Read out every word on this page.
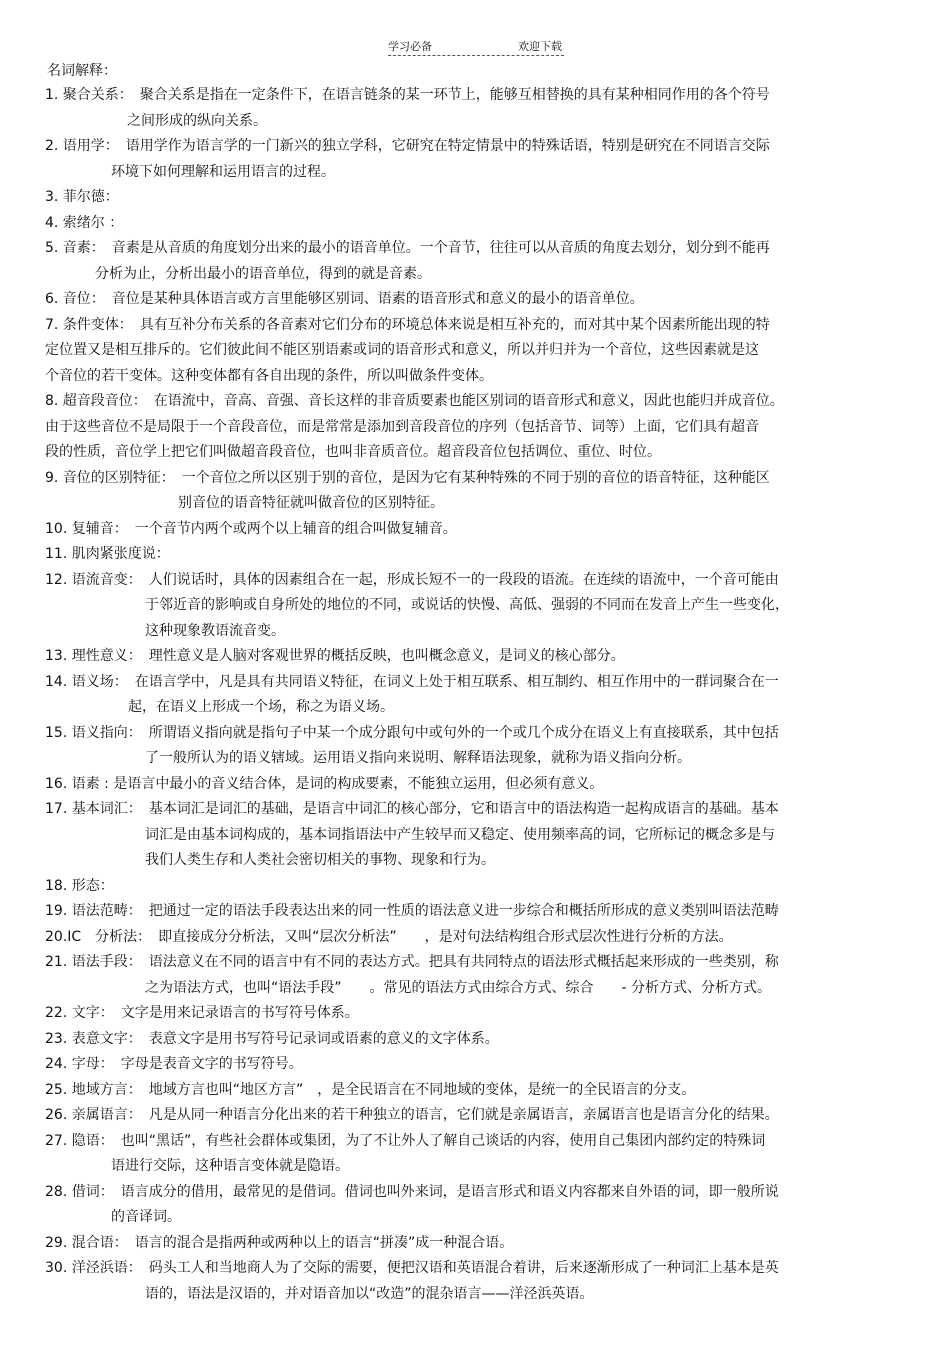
学习必备	欢迎下载
名词解释：
1. 聚合关系：　聚合关系是指在一定条件下，在语言链条的某一环节上，能够互相替换的具有某种相同作用的各个符号
之间形成的纵向关系。
2. 语用学：　语用学作为语言学的一门新兴的独立学科，它研究在特定情景中的特殊话语，特别是研究在不同语言交际
环境下如何理解和运用语言的过程。
3. 菲尔德：
4. 索绪尔 ：
5. 音素：　音素是从音质的角度划分出来的最小的语音单位。一个音节，往往可以从音质的角度去划分，划分到不能再
分析为止，分析出最小的语音单位，得到的就是音素。
6. 音位：　音位是某种具体语言或方言里能够区别词、语素的语音形式和意义的最小的语音单位。
7. 条件变体：　具有互补分布关系的各音素对它们分布的环境总体来说是相互补充的，而对其中某个因素所能出现的特
定位置又是相互排斥的。它们彼此间不能区别语素或词的语音形式和意义，所以并归并为一个音位，这些因素就是这
个音位的若干变体。这种变体都有各自出现的条件，所以叫做条件变体。
8. 超音段音位：　在语流中，音高、音强、音长这样的非音质要素也能区别词的语音形式和意义，因此也能归并成音位。
由于这些音位不是局限于一个音段音位，而是常常是添加到音段音位的序列（包括音节、词等）上面，它们具有超音
段的性质，音位学上把它们叫做超音段音位，也叫非音质音位。超音段音位包括调位、重位、时位。
9. 音位的区别特征：　一个音位之所以区别于别的音位，是因为它有某种特殊的不同于别的音位的语音特征，这种能区
别音位的语音特征就叫做音位的区别特征。
10. 复辅音：　一个音节内两个或两个以上辅音的组合叫做复辅音。
11. 肌肉紧张度说：
12. 语流音变：　人们说话时，具体的因素组合在一起，形成长短不一的一段段的语流。在连续的语流中，一个音可能由
于邻近音的影响或自身所处的地位的不同，或说话的快慢、高低、强弱的不同而在发音上产生一些变化，
这种现象教语流音变。
13. 理性意义：　理性意义是人脑对客观世界的概括反映，也叫概念意义，是词义的核心部分。
14. 语义场：　在语言学中，凡是具有共同语义特征，在词义上处于相互联系、相互制约、相互作用中的一群词聚合在一
起，在语义上形成一个场，称之为语义场。
15. 语义指向：　所谓语义指向就是指句子中某一个成分跟句中或句外的一个或几个成分在语义上有直接联系，其中包括
了一般所认为的语义辖域。运用语义指向来说明、解释语法现象，就称为语义指向分析。
16. 语素 : 是语言中最小的音义结合体，是词的构成要素，不能独立运用，但必须有意义。
17. 基本词汇：　基本词汇是词汇的基础，是语言中词汇的核心部分，它和语言中的语法构造一起构成语言的基础。基本
词汇是由基本词构成的，基本词指语法中产生较早而又稳定、使用频率高的词，它所标记的概念多是与
我们人类生存和人类社会密切相关的事物、现象和行为。
18. 形态：
19. 语法范畴：　把通过一定的语法手段表达出来的同一性质的语法意义进一步综合和概括所形成的意义类别叫语法范畴
20.IC　分析法：　即直接成分分析法，又叫“层次分析法”　　，是对句法结构组合形式层次性进行分析的方法。
21. 语法手段：　语法意义在不同的语言中有不同的表达方式。把具有共同特点的语法形式概括起来形成的一些类别，称
之为语法方式，也叫“语法手段”　　。常见的语法方式由综合方式、综合　　- 分析方式、分析方式。
22. 文字：　文字是用来记录语言的书写符号体系。
23. 表意文字：　表意文字是用书写符号记录词或语素的意义的文字体系。
24. 字母：　字母是表音文字的书写符号。
25. 地域方言：　地域方言也叫“地区方言”　，是全民语言在不同地域的变体，是统一的全民语言的分支。
26. 亲属语言：　凡是从同一种语言分化出来的若干种独立的语言，它们就是亲属语言，亲属语言也是语言分化的结果。
27. 隐语：　也叫“黑话”，有些社会群体或集团，为了不让外人了解自己谈话的内容，使用自己集团内部约定的特殊词
语进行交际，这种语言变体就是隐语。
28. 借词：　语言成分的借用，最常见的是借词。借词也叫外来词，是语言形式和语义内容都来自外语的词，即一般所说
的音译词。
29. 混合语：　语言的混合是指两种或两种以上的语言“拼凑”成一种混合语。
30. 洋泾浜语：　码头工人和当地商人为了交际的需要，便把汉语和英语混合着讲，后来逐渐形成了一种词汇上基本是英
语的，语法是汉语的，并对语音加以“改造”的混杂语言——洋泾浜英语。
